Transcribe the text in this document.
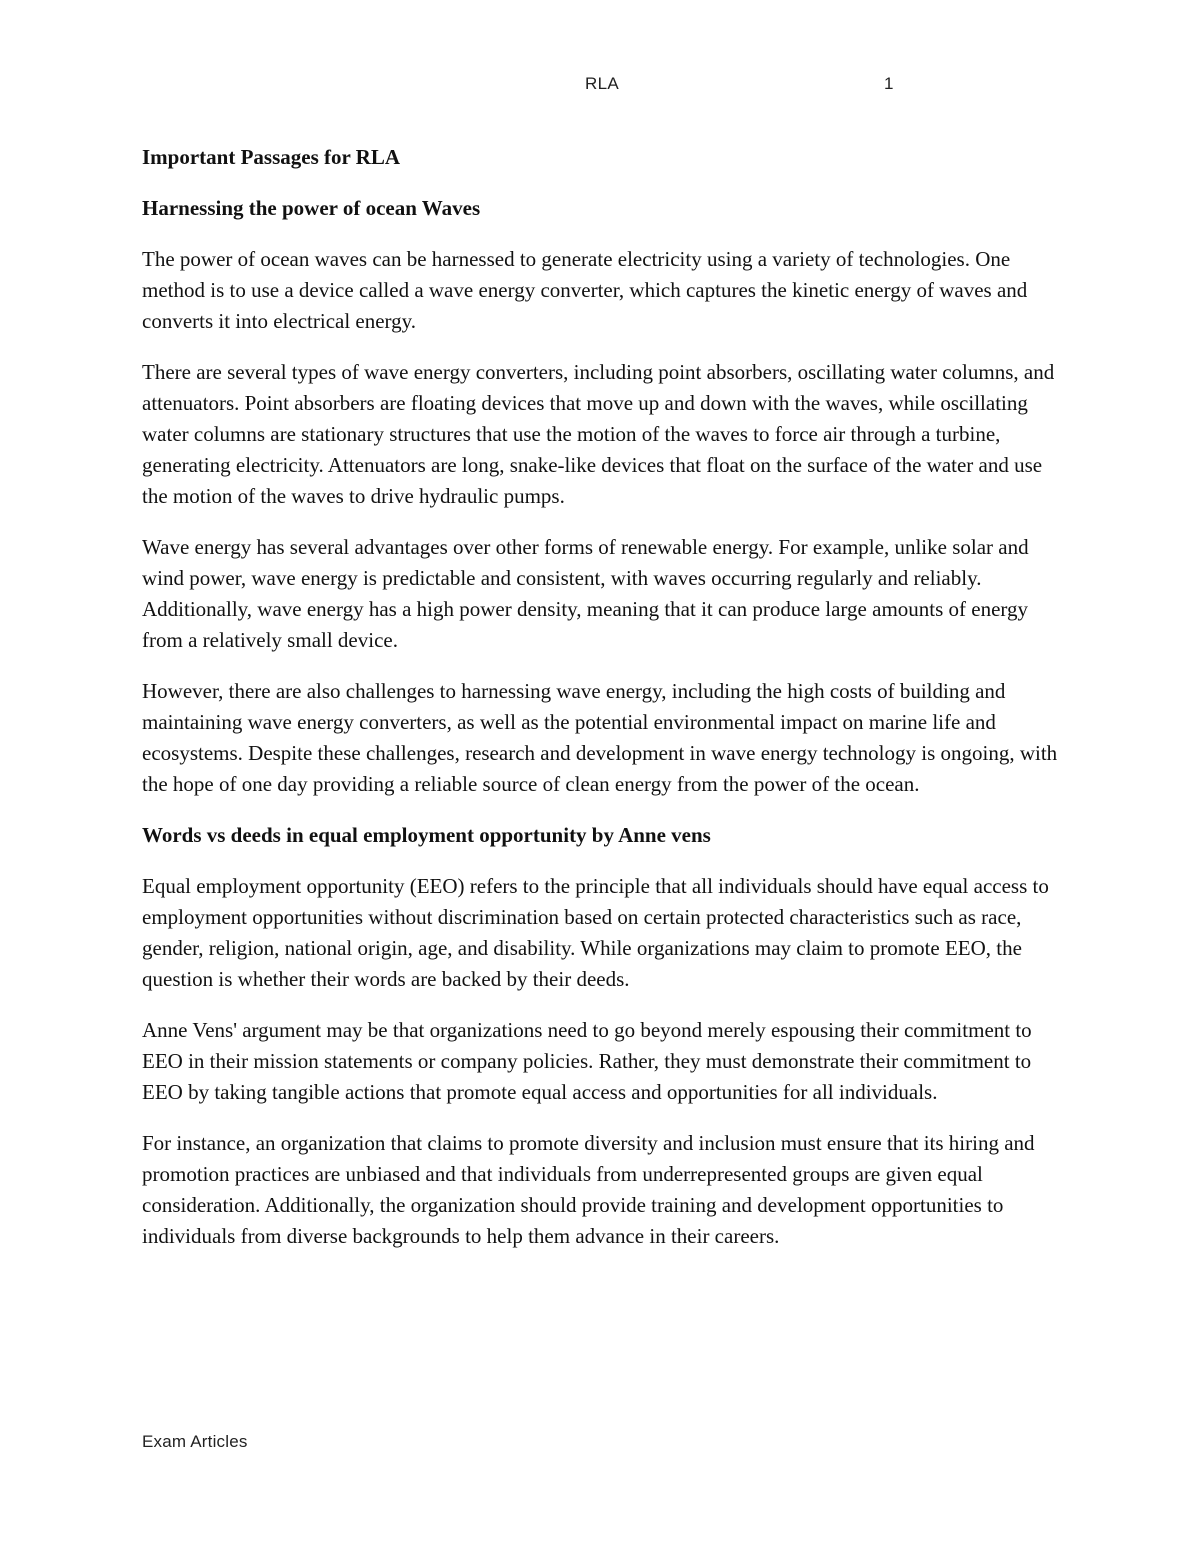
RLA	1

Important Passages for RLA

Harnessing the power of ocean Waves

The power of ocean waves can be harnessed to generate electricity using a variety of technologies. One method is to use a device called a wave energy converter, which captures the kinetic energy of waves and converts it into electrical energy.

There are several types of wave energy converters, including point absorbers, oscillating water columns, and attenuators. Point absorbers are floating devices that move up and down with the waves, while oscillating water columns are stationary structures that use the motion of the waves to force air through a turbine, generating electricity. Attenuators are long, snake-like devices that float on the surface of the water and use the motion of the waves to drive hydraulic pumps.

Wave energy has several advantages over other forms of renewable energy. For example, unlike solar and wind power, wave energy is predictable and consistent, with waves occurring regularly and reliably. Additionally, wave energy has a high power density, meaning that it can produce large amounts of energy from a relatively small device.

However, there are also challenges to harnessing wave energy, including the high costs of building and maintaining wave energy converters, as well as the potential environmental impact on marine life and ecosystems. Despite these challenges, research and development in wave energy technology is ongoing, with the hope of one day providing a reliable source of clean energy from the power of the ocean.

Words vs deeds in equal employment opportunity by Anne vens

Equal employment opportunity (EEO) refers to the principle that all individuals should have equal access to employment opportunities without discrimination based on certain protected characteristics such as race, gender, religion, national origin, age, and disability. While organizations may claim to promote EEO, the question is whether their words are backed by their deeds.

Anne Vens' argument may be that organizations need to go beyond merely espousing their commitment to EEO in their mission statements or company policies. Rather, they must demonstrate their commitment to EEO by taking tangible actions that promote equal access and opportunities for all individuals.

For instance, an organization that claims to promote diversity and inclusion must ensure that its hiring and promotion practices are unbiased and that individuals from underrepresented groups are given equal consideration. Additionally, the organization should provide training and development opportunities to individuals from diverse backgrounds to help them advance in their careers.

Exam Articles
